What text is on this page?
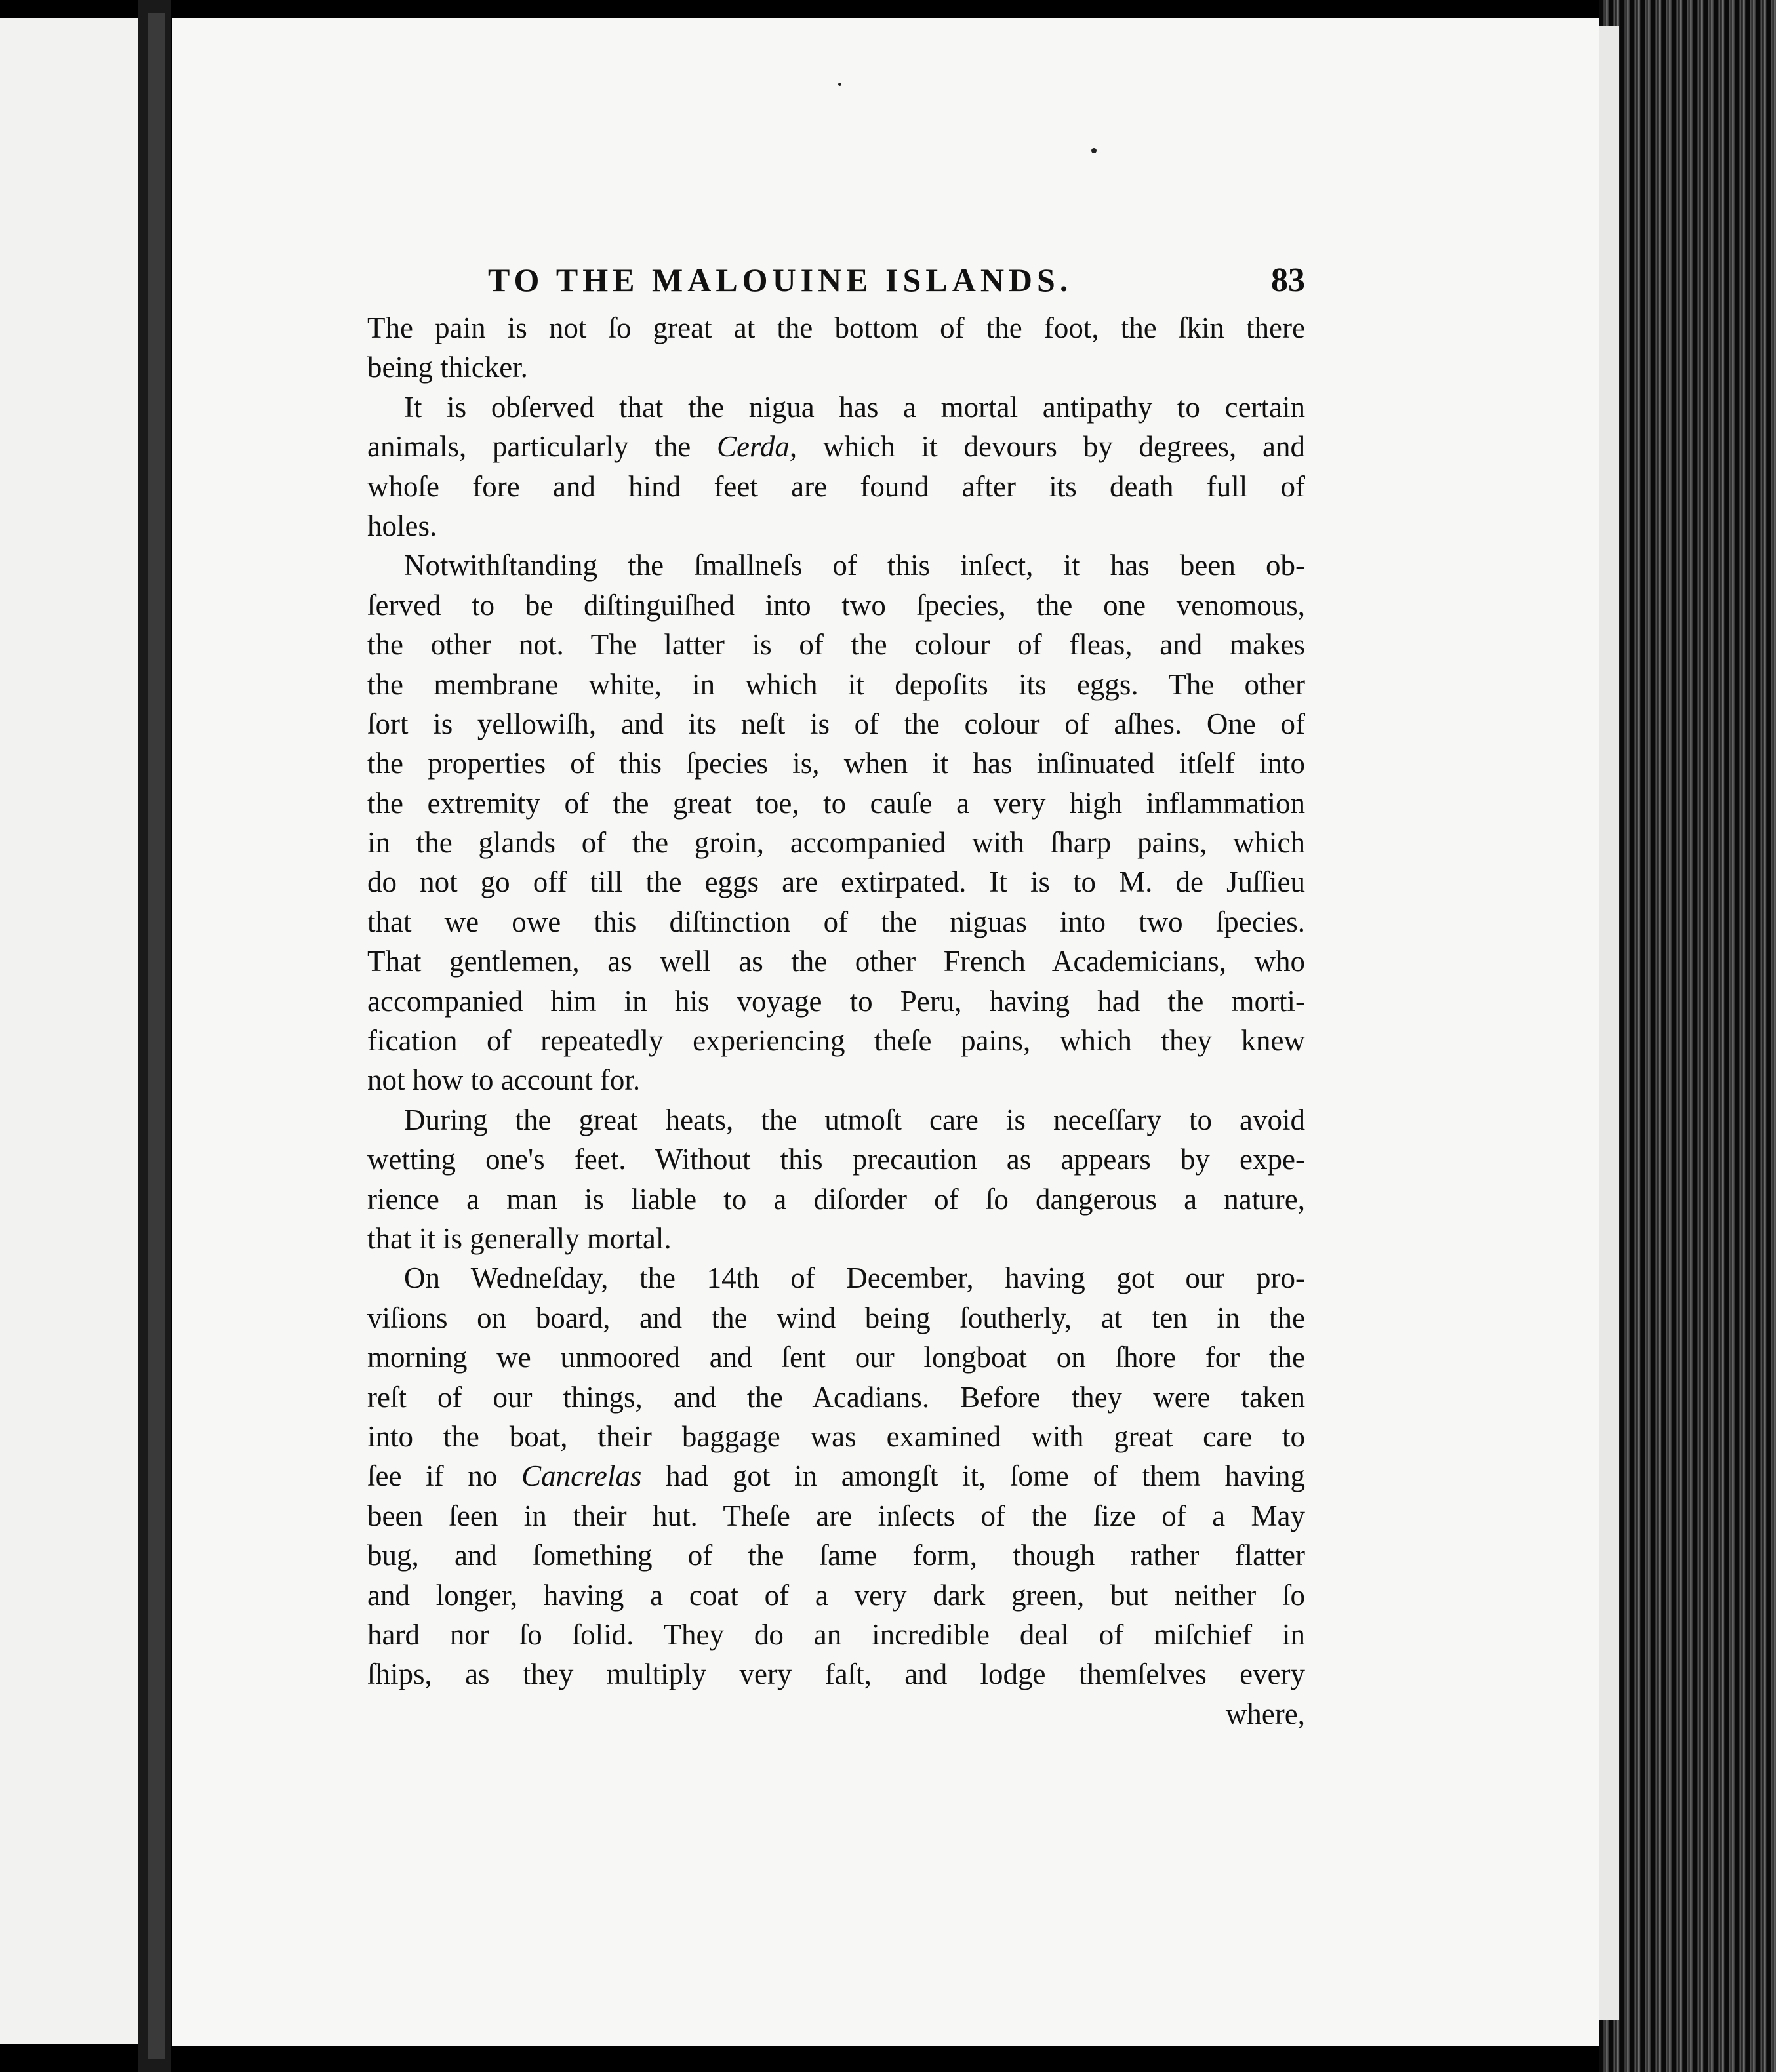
TO THE MALOUINE ISLANDS.	83
The pain is not ſo great at the bottom of the foot, the ſkin there
being thicker.
It is obſerved that the nigua has a mortal antipathy to certain
animals, particularly the Cerda, which it devours by degrees, and
whoſe fore and hind feet are found after its death full of
holes.
Notwithſtanding the ſmallneſs of this inſect, it has been ob-
ſerved to be diſtinguiſhed into two ſpecies, the one venomous,
the other not. The latter is of the colour of fleas, and makes
the membrane white, in which it depoſits its eggs. The other
ſort is yellowiſh, and its neſt is of the colour of aſhes. One of
the properties of this ſpecies is, when it has inſinuated itſelf into
the extremity of the great toe, to cauſe a very high inflammation
in the glands of the groin, accompanied with ſharp pains, which
do not go off till the eggs are extirpated. It is to M. de Juſſieu
that we owe this diſtinction of the niguas into two ſpecies.
That gentlemen, as well as the other French Academicians, who
accompanied him in his voyage to Peru, having had the morti-
fication of repeatedly experiencing theſe pains, which they knew
not how to account for.
During the great heats, the utmoſt care is neceſſary to avoid
wetting one's feet. Without this precaution as appears by expe-
rience a man is liable to a diſorder of ſo dangerous a nature,
that it is generally mortal.
On Wedneſday, the 14th of December, having got our pro-
viſions on board, and the wind being ſoutherly, at ten in the
morning we unmoored and ſent our longboat on ſhore for the
reſt of our things, and the Acadians. Before they were taken
into the boat, their baggage was examined with great care to
ſee if no Cancrelas had got in amongſt it, ſome of them having
been ſeen in their hut. Theſe are inſects of the ſize of a May
bug, and ſomething of the ſame form, though rather flatter
and longer, having a coat of a very dark green, but neither ſo
hard nor ſo ſolid. They do an incredible deal of miſchief in
ſhips, as they multiply very faſt, and lodge themſelves every
where,
